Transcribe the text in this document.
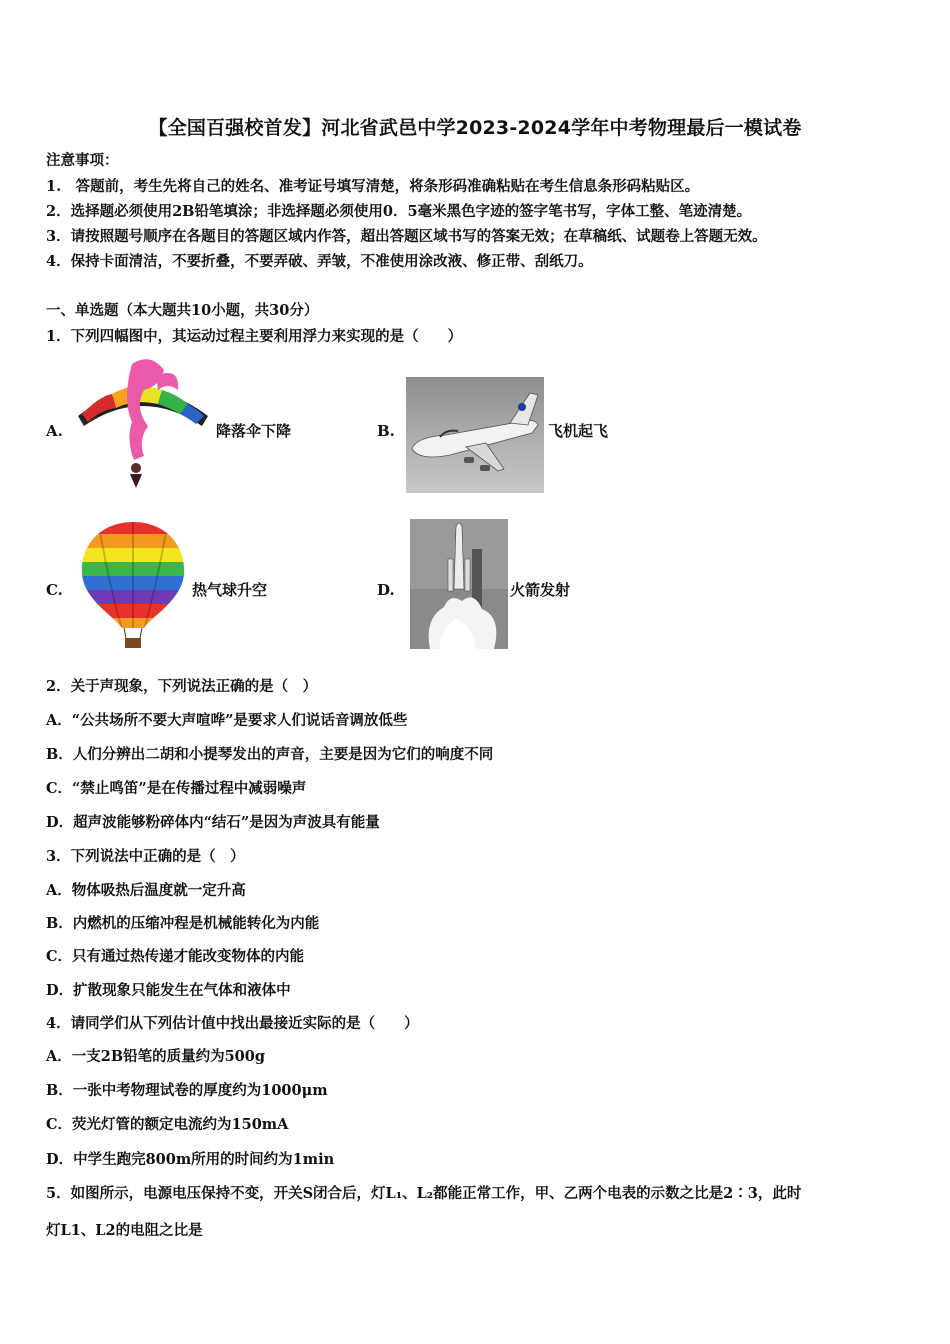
【全国百强校首发】河北省武邑中学2023-2024学年中考物理最后一模试卷
注意事项：
1.　答题前，考生先将自己的姓名、准考证号填写清楚，将条形码准确粘贴在考生信息条形码粘贴区。
2．选择题必须使用2B铅笔填涂；非选择题必须使用0．5毫米黑色字迹的签字笔书写，字体工整、笔迹清楚。
3．请按照题号顺序在各题目的答题区域内作答，超出答题区域书写的答案无效；在草稿纸、试题卷上答题无效。
4．保持卡面清洁，不要折叠，不要弄破、弄皱，不准使用涂改液、修正带、刮纸刀。
一、单选题（本大题共10小题，共30分）
1．下列四幅图中，其运动过程主要利用浮力来实现的是（　　）
A.	降落伞下降	B.	飞机起飞
C.	热气球升空	D.	火箭发射
2．关于声现象，下列说法正确的是（　）
A．“公共场所不要大声喧哗”是要求人们说话音调放低些
B．人们分辨出二胡和小提琴发出的声音，主要是因为它们的响度不同
C．“禁止鸣笛”是在传播过程中减弱噪声
D．超声波能够粉碎体内“结石”是因为声波具有能量
3．下列说法中正确的是（　）
A．物体吸热后温度就一定升高
B．内燃机的压缩冲程是机械能转化为内能
C．只有通过热传递才能改变物体的内能
D．扩散现象只能发生在气体和液体中
4．请同学们从下列估计值中找出最接近实际的是（　　）
A．一支2B铅笔的质量约为500g
B．一张中考物理试卷的厚度约为1000μm
C．荧光灯管的额定电流约为150mA
D．中学生跑完800m所用的时间约为1min
5．如图所示，电源电压保持不变，开关S闭合后，灯L₁、L₂都能正常工作，甲、乙两个电表的示数之比是2∶3，此时
灯L1、L2的电阻之比是
